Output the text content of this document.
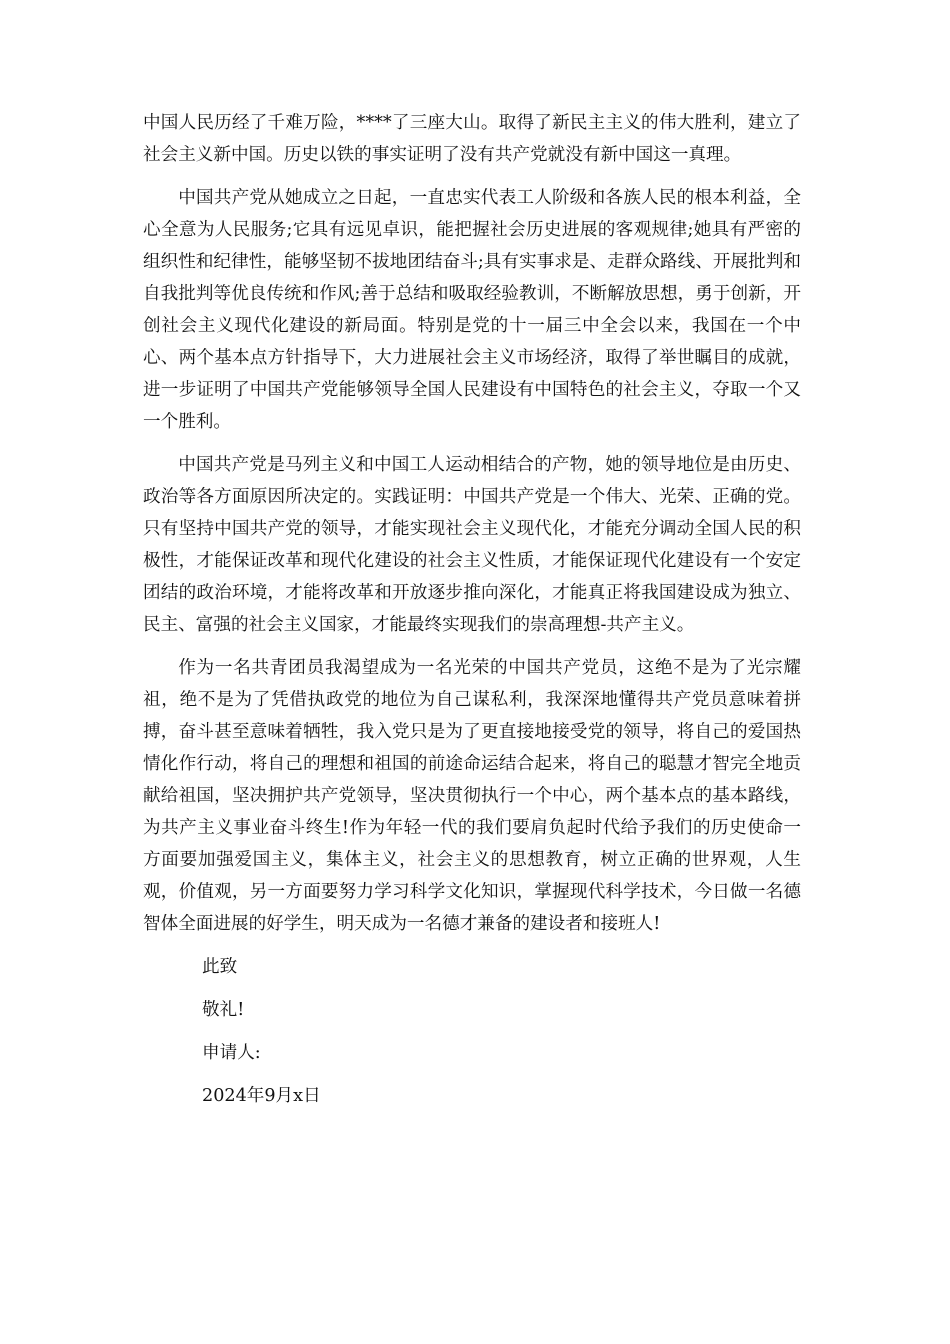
中国人民历经了千难万险，****了三座大山。取得了新民主主义的伟大胜利，建立了社会主义新中国。历史以铁的事实证明了没有共产党就没有新中国这一真理。

中国共产党从她成立之日起，一直忠实代表工人阶级和各族人民的根本利益，全心全意为人民服务;它具有远见卓识，能把握社会历史进展的客观规律;她具有严密的组织性和纪律性，能够坚韧不拔地团结奋斗;具有实事求是、走群众路线、开展批判和自我批判等优良传统和作风;善于总结和吸取经验教训，不断解放思想，勇于创新，开创社会主义现代化建设的新局面。特别是党的十一届三中全会以来，我国在一个中心、两个基本点方针指导下，大力进展社会主义市场经济，取得了举世瞩目的成就，进一步证明了中国共产党能够领导全国人民建设有中国特色的社会主义，夺取一个又一个胜利。

中国共产党是马列主义和中国工人运动相结合的产物，她的领导地位是由历史、政治等各方面原因所决定的。实践证明：中国共产党是一个伟大、光荣、正确的党。只有坚持中国共产党的领导，才能实现社会主义现代化，才能充分调动全国人民的积极性，才能保证改革和现代化建设的社会主义性质，才能保证现代化建设有一个安定团结的政治环境，才能将改革和开放逐步推向深化，才能真正将我国建设成为独立、民主、富强的社会主义国家，才能最终实现我们的崇高理想-共产主义。

作为一名共青团员我渴望成为一名光荣的中国共产党员，这绝不是为了光宗耀祖，绝不是为了凭借执政党的地位为自己谋私利，我深深地懂得共产党员意味着拼搏，奋斗甚至意味着牺牲，我入党只是为了更直接地接受党的领导，将自己的爱国热情化作行动，将自己的理想和祖国的前途命运结合起来，将自己的聪慧才智完全地贡献给祖国，坚决拥护共产党领导，坚决贯彻执行一个中心，两个基本点的基本路线，为共产主义事业奋斗终生!作为年轻一代的我们要肩负起时代给予我们的历史使命一方面要加强爱国主义，集体主义，社会主义的思想教育，树立正确的世界观，人生观，价值观，另一方面要努力学习科学文化知识，掌握现代科学技术，今日做一名德智体全面进展的好学生，明天成为一名德才兼备的建设者和接班人!

此致

敬礼!

申请人:

2024年9月x日
